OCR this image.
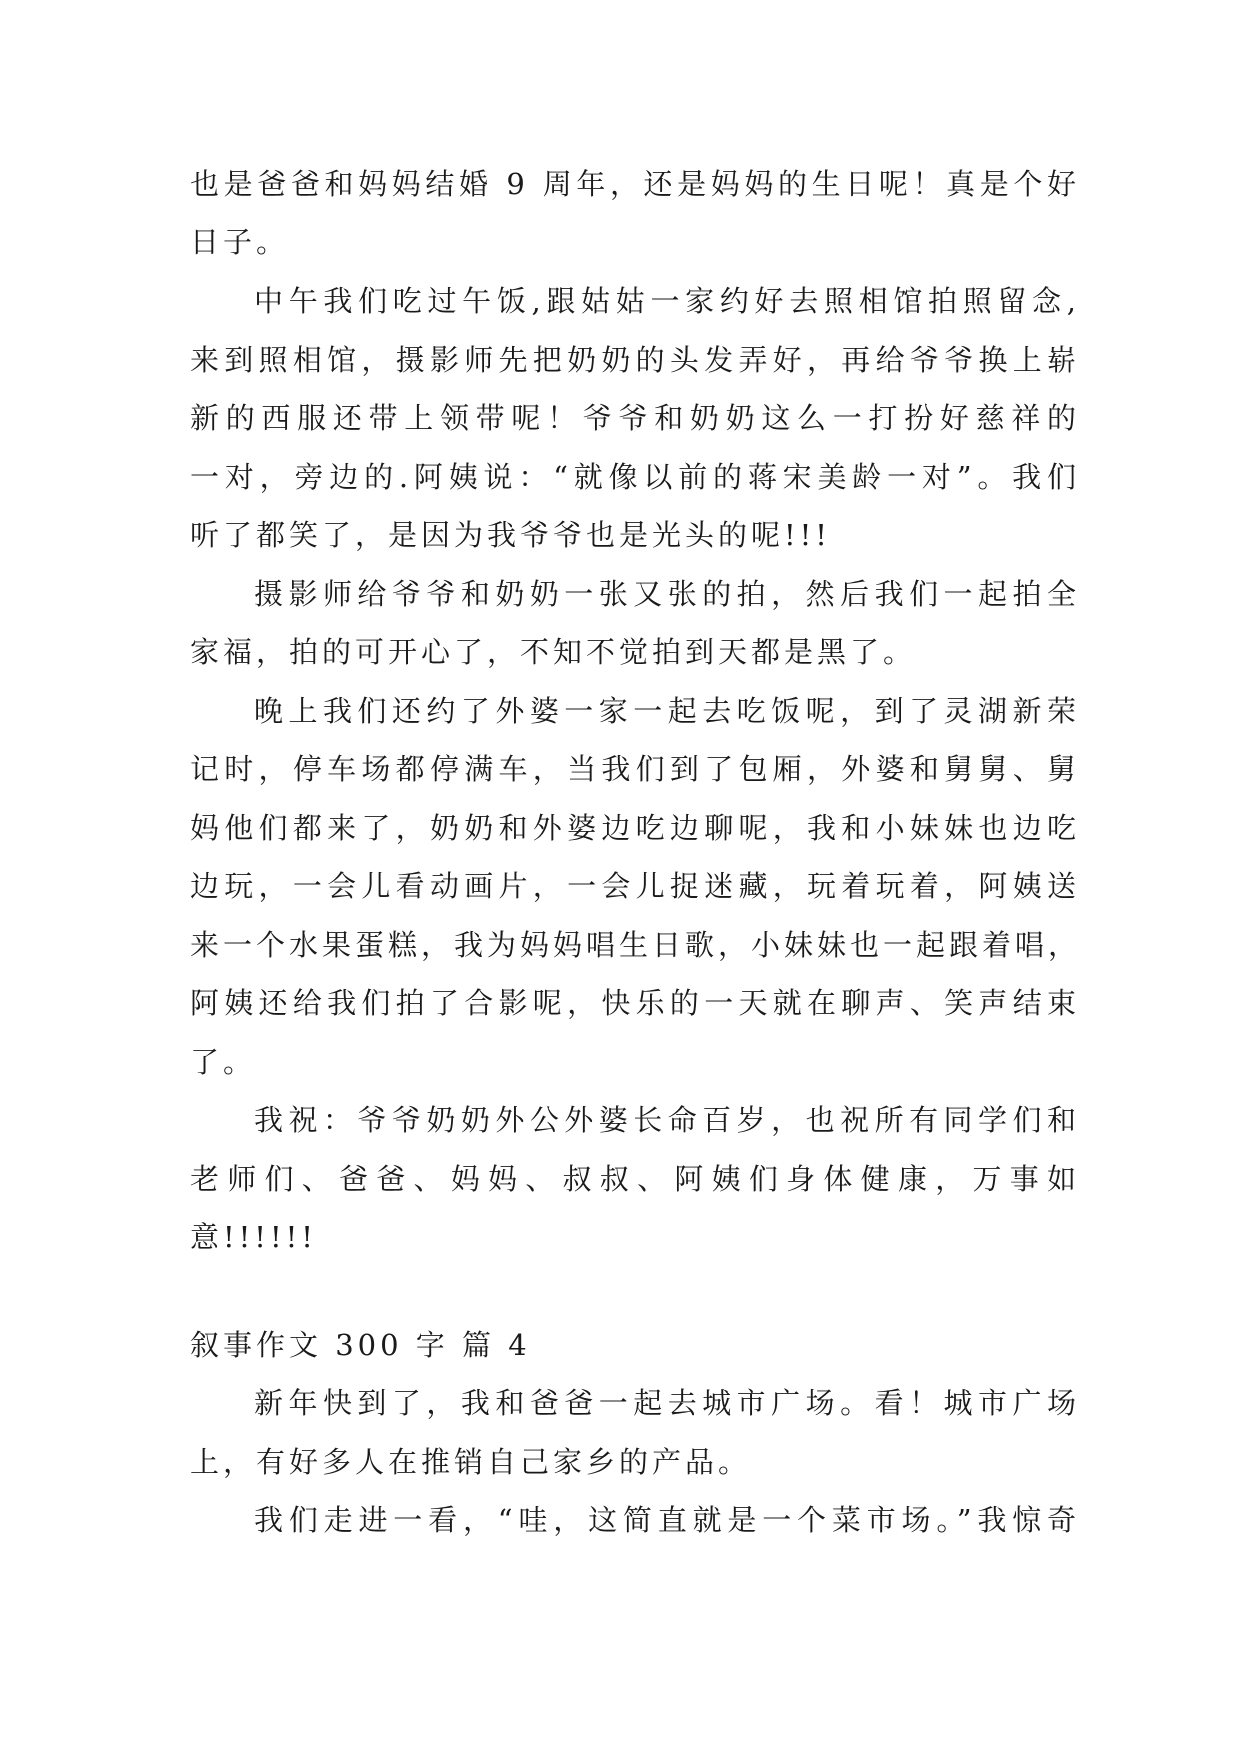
也是爸爸和妈妈结婚 9 周年，还是妈妈的生日呢！真是个好
日子。
中午我们吃过午饭,跟姑姑一家约好去照相馆拍照留念,
来到照相馆，摄影师先把奶奶的头发弄好，再给爷爷换上崭
新的西服还带上领带呢！爷爷和奶奶这么一打扮好慈祥的
一对，旁边的.阿姨说：“就像以前的蒋宋美龄一对”。我们
听了都笑了，是因为我爷爷也是光头的呢!!!
摄影师给爷爷和奶奶一张又张的拍，然后我们一起拍全
家福，拍的可开心了，不知不觉拍到天都是黑了。
晚上我们还约了外婆一家一起去吃饭呢，到了灵湖新荣
记时，停车场都停满车，当我们到了包厢，外婆和舅舅、舅
妈他们都来了，奶奶和外婆边吃边聊呢，我和小妹妹也边吃
边玩，一会儿看动画片，一会儿捉迷藏，玩着玩着，阿姨送
来一个水果蛋糕，我为妈妈唱生日歌，小妹妹也一起跟着唱，
阿姨还给我们拍了合影呢，快乐的一天就在聊声、笑声结束
了。
我祝：爷爷奶奶外公外婆长命百岁，也祝所有同学们和
老师们、爸爸、妈妈、叔叔、阿姨们身体健康，万事如
意!!!!!!
叙事作文 300 字 篇 4
新年快到了，我和爸爸一起去城市广场。看！城市广场
上，有好多人在推销自己家乡的产品。
我们走进一看，“哇，这简直就是一个菜市场。”我惊奇
